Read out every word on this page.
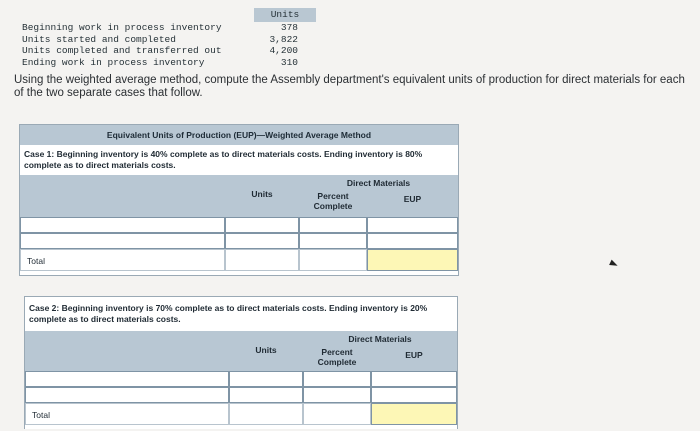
Beginning work in process inventory
Units started and completed
Units completed and transferred out
Ending work in process inventory
Units
378
3,822
4,200
310
Using the weighted average method, compute the Assembly department's equivalent units of production for direct materials for each of the two separate cases that follow.
Equivalent Units of Production (EUP)—Weighted Average Method
Case 1: Beginning inventory is 40% complete as to direct materials costs. Ending inventory is 80% complete as to direct materials costs.
Units
Direct Materials
Percent Complete
EUP
Total
Case 2: Beginning inventory is 70% complete as to direct materials costs. Ending inventory is 20% complete as to direct materials costs.
Units
Direct Materials
Percent Complete
EUP
Total
